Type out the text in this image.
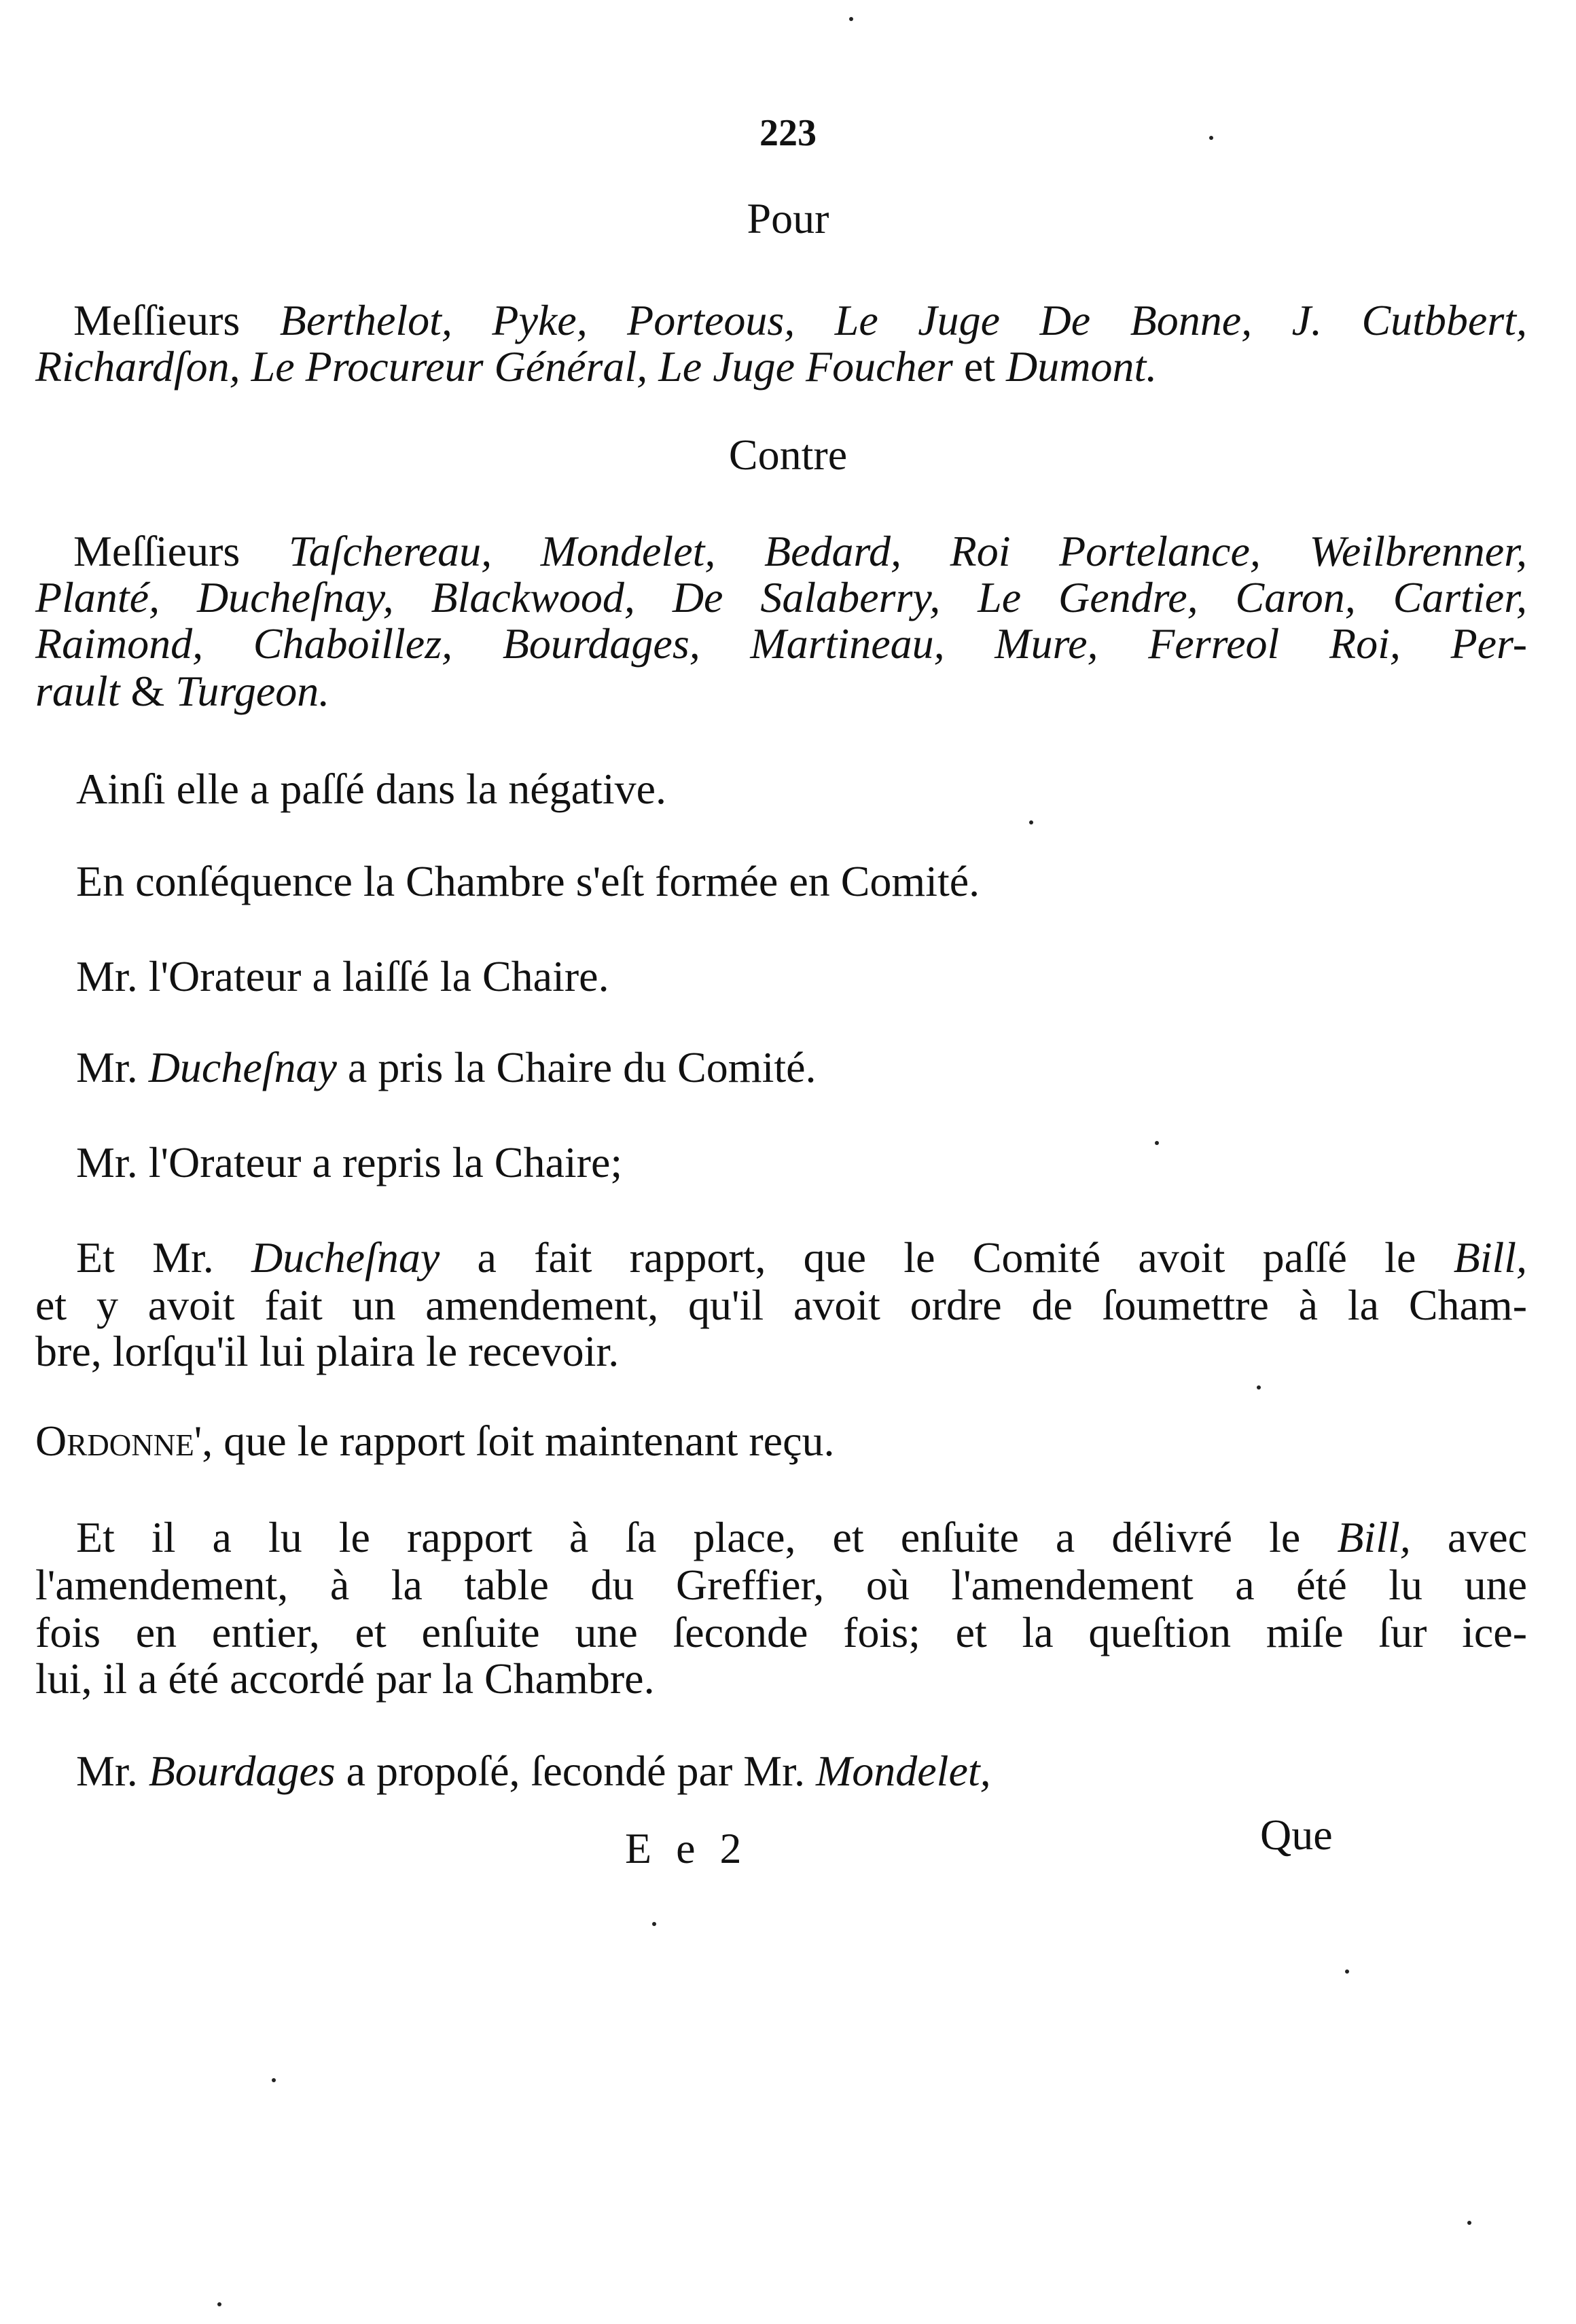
223
Pour
Meſſieurs Berthelot, Pyke, Porteous, Le Juge De Bonne, J. Cutbbert,
Richardſon, Le Procureur Général, Le Juge Foucher et Dumont.
Contre
Meſſieurs Taſchereau, Mondelet, Bedard, Roi Portelance, Weilbrenner,
Planté, Ducheſnay, Blackwood, De Salaberry, Le Gendre, Caron, Cartier,
Raimond, Chaboillez, Bourdages, Martineau, Mure, Ferreol Roi, Per-
rault & Turgeon.
Ainſi elle a paſſé dans la négative.
En conſéquence la Chambre s'eſt formée en Comité.
Mr. l'Orateur a laiſſé la Chaire.
Mr. Ducheſnay a pris la Chaire du Comité.
Mr. l'Orateur a repris la Chaire;
Et Mr. Ducheſnay a fait rapport, que le Comité avoit paſſé le Bill,
et y avoit fait un amendement, qu'il avoit ordre de ſoumettre à la Cham-
bre, lorſqu'il lui plaira le recevoir.
Ordonne', que le rapport ſoit maintenant reçu.
Et il a lu le rapport à ſa place, et enſuite a délivré le Bill, avec
l'amendement, à la table du Greffier, où l'amendement a été lu une
fois en entier, et enſuite une ſeconde fois; et la queſtion miſe ſur ice-
lui, il a été accordé par la Chambre.
Mr. Bourdages a propoſé, ſecondé par Mr. Mondelet,
E e 2	Que
